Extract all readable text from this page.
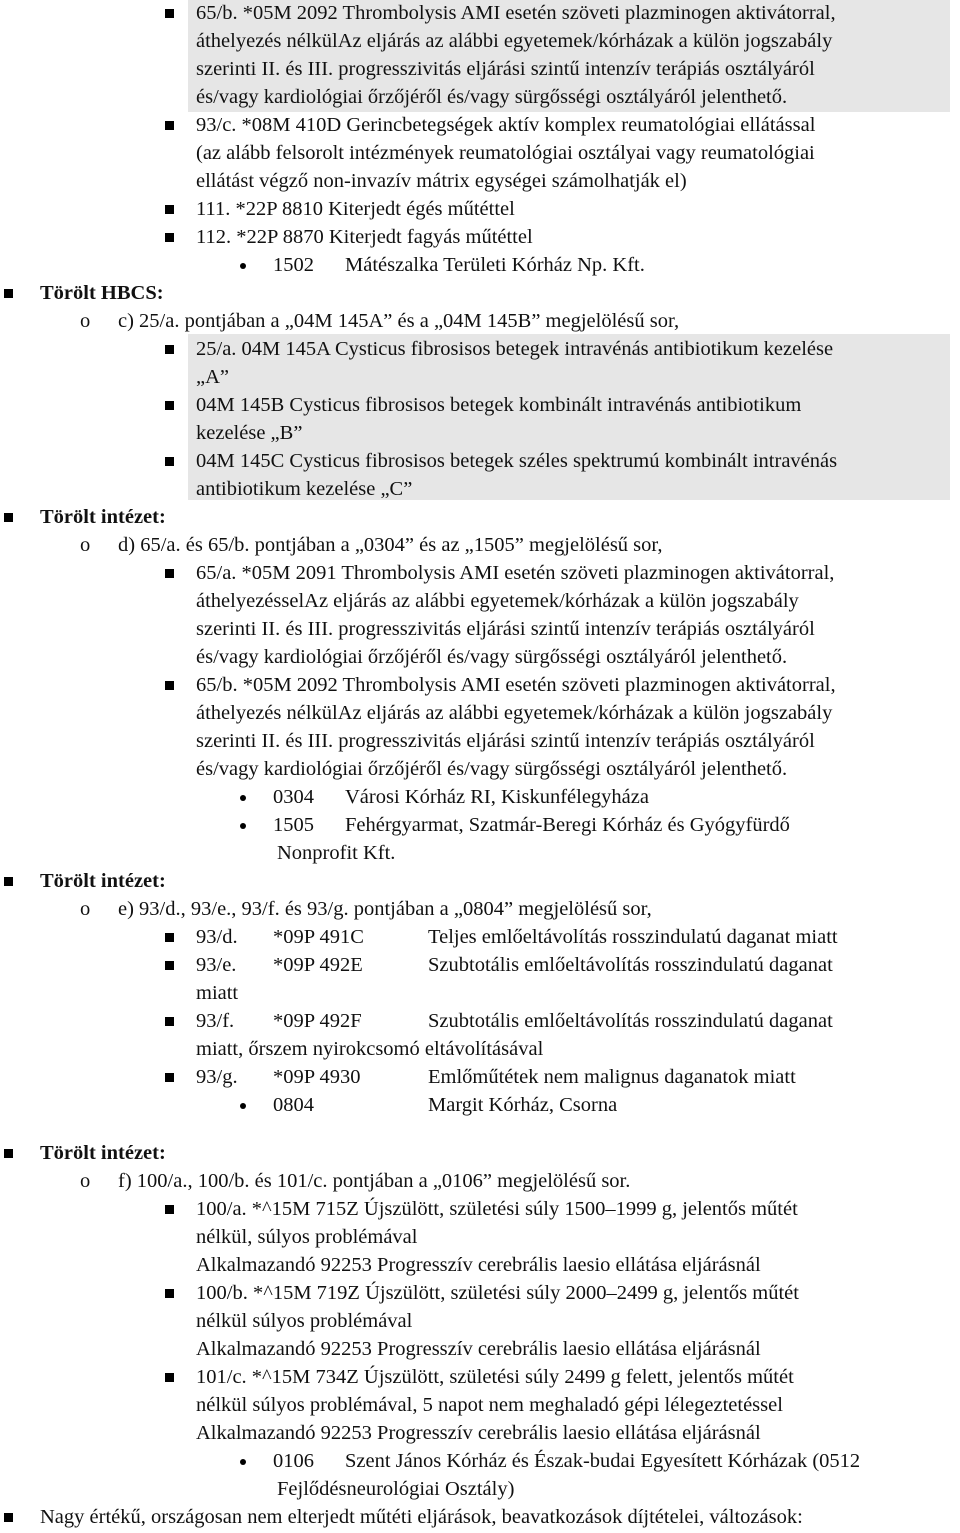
65/b. *05M 2092 Thrombolysis AMI esetén szöveti plazminogen aktivátorral,
áthelyezés nélkülAz eljárás az alábbi egyetemek/kórházak a külön jogszabály
szerinti II. és III. progresszivitás eljárási szintű intenzív terápiás osztályáról
és/vagy kardiológiai őrzőjéről és/vagy sürgősségi osztályáról jelenthető.
93/c. *08M 410D Gerincbetegségek aktív komplex reumatológiai ellátással
(az alább felsorolt intézmények reumatológiai osztályai vagy reumatológiai
ellátást végző non-invazív mátrix egységei számolhatják el)
111. *22P 8810 Kiterjedt égés műtéttel
112. *22P 8870 Kiterjedt fagyás műtéttel
1502 Mátészalka Területi Kórház Np. Kft.
Törölt HBCS:
o c) 25/a. pontjában a „04M 145A” és a „04M 145B” megjelölésű sor,
25/a. 04M 145A Cysticus fibrosisos betegek intravénás antibiotikum kezelése
„A”
04M 145B Cysticus fibrosisos betegek kombinált intravénás antibiotikum
kezelése „B”
04M 145C Cysticus fibrosisos betegek széles spektrumú kombinált intravénás
antibiotikum kezelése „C”
Törölt intézet:
o d) 65/a. és 65/b. pontjában a „0304” és az „1505” megjelölésű sor,
65/a. *05M 2091 Thrombolysis AMI esetén szöveti plazminogen aktivátorral,
áthelyezésselAz eljárás az alábbi egyetemek/kórházak a külön jogszabály
szerinti II. és III. progresszivitás eljárási szintű intenzív terápiás osztályáról
és/vagy kardiológiai őrzőjéről és/vagy sürgősségi osztályáról jelenthető.
65/b. *05M 2092 Thrombolysis AMI esetén szöveti plazminogen aktivátorral,
áthelyezés nélkülAz eljárás az alábbi egyetemek/kórházak a külön jogszabály
szerinti II. és III. progresszivitás eljárási szintű intenzív terápiás osztályáról
és/vagy kardiológiai őrzőjéről és/vagy sürgősségi osztályáról jelenthető.
0304 Városi Kórház RI, Kiskunfélegyháza
1505 Fehérgyarmat, Szatmár-Beregi Kórház és Gyógyfürdő
Nonprofit Kft.
Törölt intézet:
o e) 93/d., 93/e., 93/f. és 93/g. pontjában a „0804” megjelölésű sor,
93/d. *09P 491C	Teljes emlőeltávolítás rosszindulatú daganat miatt
93/e. *09P 492E	Szubtotális emlőeltávolítás rosszindulatú daganat
miatt
93/f. *09P 492F	Szubtotális emlőeltávolítás rosszindulatú daganat
miatt, őrszem nyirokcsomó eltávolításával
93/g. *09P 4930	Emlőműtétek nem malignus daganatok miatt
0804	Margit Kórház, Csorna
Törölt intézet:
o f) 100/a., 100/b. és 101/c. pontjában a „0106” megjelölésű sor.
100/a. *^15M 715Z Újszülött, születési súly 1500–1999 g, jelentős műtét
nélkül, súlyos problémával
Alkalmazandó 92253 Progresszív cerebrális laesio ellátása eljárásnál
100/b. *^15M 719Z Újszülött, születési súly 2000–2499 g, jelentős műtét
nélkül súlyos problémával
Alkalmazandó 92253 Progresszív cerebrális laesio ellátása eljárásnál
101/c. *^15M 734Z Újszülött, születési súly 2499 g felett, jelentős műtét
nélkül súlyos problémával, 5 napot nem meghaladó gépi lélegeztetéssel
Alkalmazandó 92253 Progresszív cerebrális laesio ellátása eljárásnál
0106 Szent János Kórház és Észak-budai Egyesített Kórházak (0512
Fejlődésneurológiai Osztály)
Nagy értékű, országosan nem elterjedt műtéti eljárások, beavatkozások díjtételei, változások:
